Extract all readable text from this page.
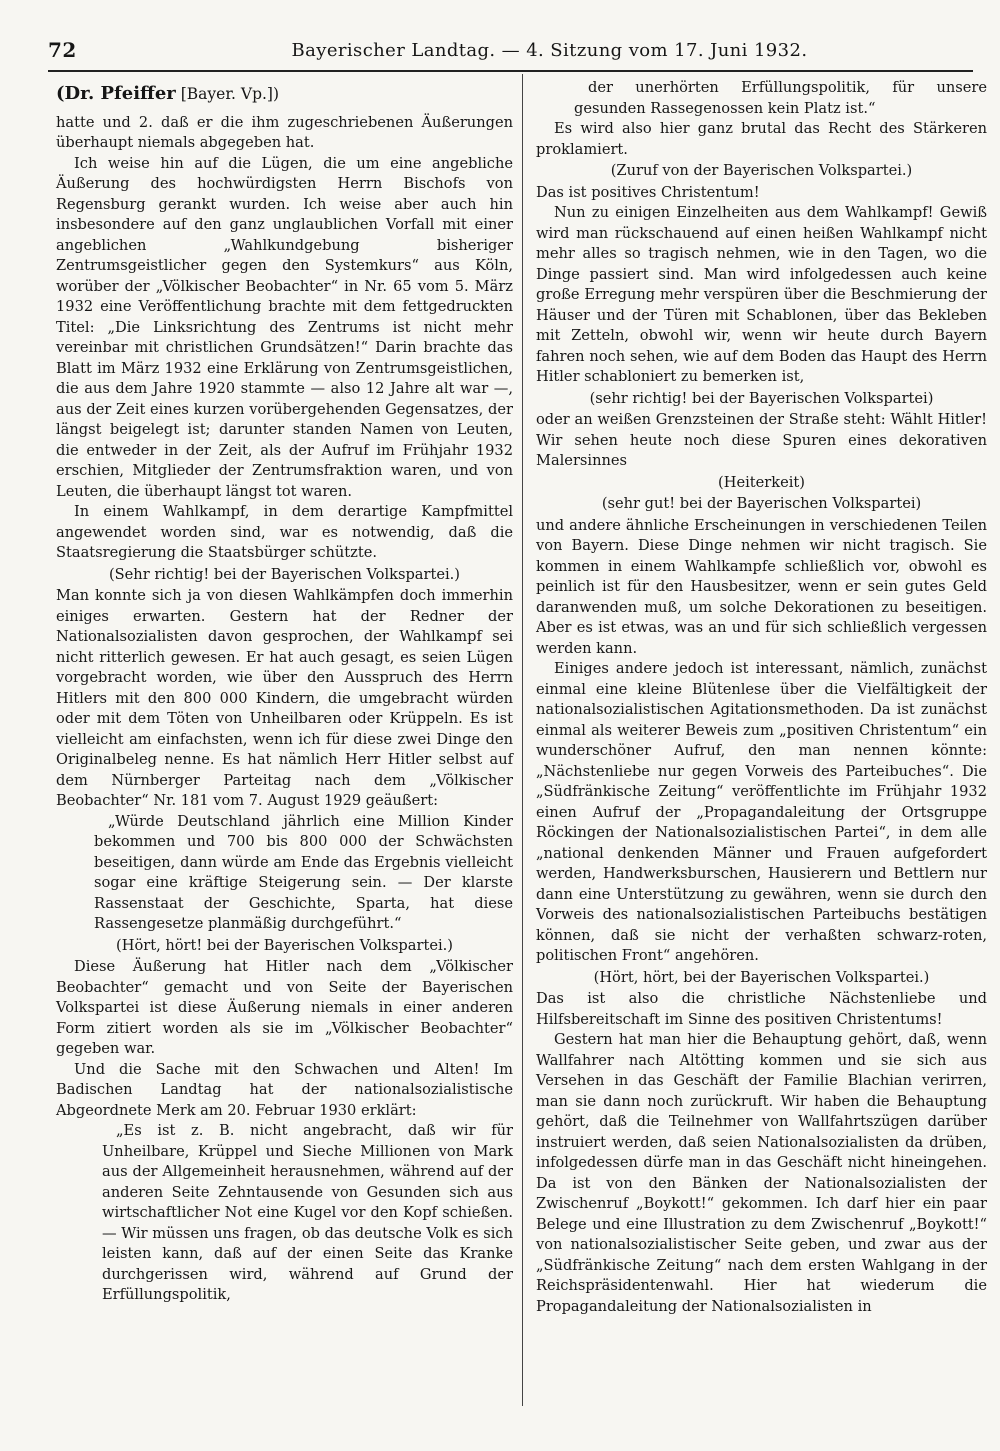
72	Bayerischer Landtag. — 4. Sitzung vom 17. Juni 1932.

(Dr. Pfeiffer [Bayer. Vp.])

hatte und 2. daß er die ihm zugeschriebenen Äußerungen überhaupt niemals abgegeben hat.

Ich weise hin auf die Lügen, die um eine angebliche Äußerung des hochwürdigsten Herrn Bischofs von Regensburg gerankt wurden. Ich weise aber auch hin insbesondere auf den ganz unglaublichen Vorfall mit einer angeblichen „Wahlkundgebung bisheriger Zentrumsgeistlicher gegen den Systemkurs“ aus Köln, worüber der „Völkischer Beobachter“ in Nr. 65 vom 5. März 1932 eine Veröffentlichung brachte mit dem fettgedruckten Titel: „Die Linksrichtung des Zentrums ist nicht mehr vereinbar mit christlichen Grundsätzen!“ Darin brachte das Blatt im März 1932 eine Erklärung von Zentrumsgeistlichen, die aus dem Jahre 1920 stammte — also 12 Jahre alt war —, aus der Zeit eines kurzen vorübergehenden Gegensatzes, der längst beigelegt ist; darunter standen Namen von Leuten, die entweder in der Zeit, als der Aufruf im Frühjahr 1932 erschien, Mitglieder der Zentrumsfraktion waren, und von Leuten, die überhaupt längst tot waren.

In einem Wahlkampf, in dem derartige Kampfmittel angewendet worden sind, war es notwendig, daß die Staatsregierung die Staatsbürger schützte.

(Sehr richtig! bei der Bayerischen Volkspartei.)

Man konnte sich ja von diesen Wahlkämpfen doch immerhin einiges erwarten. Gestern hat der Redner der Nationalsozialisten davon gesprochen, der Wahlkampf sei nicht ritterlich gewesen. Er hat auch gesagt, es seien Lügen vorgebracht worden, wie über den Ausspruch des Herrn Hitlers mit den 800 000 Kindern, die umgebracht würden oder mit dem Töten von Unheilbaren oder Krüppeln. Es ist vielleicht am einfachsten, wenn ich für diese zwei Dinge den Originalbeleg nenne. Es hat nämlich Herr Hitler selbst auf dem Nürnberger Parteitag nach dem „Völkischer Beobachter“ Nr. 181 vom 7. August 1929 geäußert:

„Würde Deutschland jährlich eine Million Kinder bekommen und 700 bis 800 000 der Schwächsten beseitigen, dann würde am Ende das Ergebnis vielleicht sogar eine kräftige Steigerung sein. — Der klarste Rassenstaat der Geschichte, Sparta, hat diese Rassengesetze planmäßig durchgeführt.“

(Hört, hört! bei der Bayerischen Volkspartei.)

Diese Äußerung hat Hitler nach dem „Völkischer Beobachter“ gemacht und von Seite der Bayerischen Volkspartei ist diese Äußerung niemals in einer anderen Form zitiert worden als sie im „Völkischer Beobachter“ gegeben war.

Und die Sache mit den Schwachen und Alten! Im Badischen Landtag hat der nationalsozialistische Abgeordnete Merk am 20. Februar 1930 erklärt:

„Es ist z. B. nicht angebracht, daß wir für Unheilbare, Krüppel und Sieche Millionen von Mark aus der Allgemeinheit herausnehmen, während auf der anderen Seite Zehntausende von Gesunden sich aus wirtschaftlicher Not eine Kugel vor den Kopf schießen. — Wir müssen uns fragen, ob das deutsche Volk es sich leisten kann, daß auf der einen Seite das Kranke durchgerissen wird, während auf Grund der Erfüllungspolitik,

der unerhörten Erfüllungspolitik, für unsere gesunden Rassegenossen kein Platz ist.“

Es wird also hier ganz brutal das Recht des Stärkeren proklamiert.

(Zuruf von der Bayerischen Volkspartei.)

Das ist positives Christentum!

Nun zu einigen Einzelheiten aus dem Wahlkampf! Gewiß wird man rückschauend auf einen heißen Wahlkampf nicht mehr alles so tragisch nehmen, wie in den Tagen, wo die Dinge passiert sind. Man wird infolgedessen auch keine große Erregung mehr verspüren über die Beschmierung der Häuser und der Türen mit Schablonen, über das Bekleben mit Zetteln, obwohl wir, wenn wir heute durch Bayern fahren noch sehen, wie auf dem Boden das Haupt des Herrn Hitler schabloniert zu bemerken ist,

(sehr richtig! bei der Bayerischen Volkspartei)

oder an weißen Grenzsteinen der Straße steht: Wählt Hitler! Wir sehen heute noch diese Spuren eines dekorativen Malersinnes

(Heiterkeit)

(sehr gut! bei der Bayerischen Volkspartei)

und andere ähnliche Erscheinungen in verschiedenen Teilen von Bayern. Diese Dinge nehmen wir nicht tragisch. Sie kommen in einem Wahlkampfe schließlich vor, obwohl es peinlich ist für den Hausbesitzer, wenn er sein gutes Geld daranwenden muß, um solche Dekorationen zu beseitigen. Aber es ist etwas, was an und für sich schließlich vergessen werden kann.

Einiges andere jedoch ist interessant, nämlich, zunächst einmal eine kleine Blütenlese über die Vielfältigkeit der nationalsozialistischen Agitationsmethoden. Da ist zunächst einmal als weiterer Beweis zum „positiven Christentum“ ein wunderschöner Aufruf, den man nennen könnte: „Nächstenliebe nur gegen Vorweis des Parteibuches“. Die „Südfränkische Zeitung“ veröffentlichte im Frühjahr 1932 einen Aufruf der „Propagandaleitung der Ortsgruppe Röckingen der Nationalsozialistischen Partei“, in dem alle „national denkenden Männer und Frauen aufgefordert werden, Handwerksburschen, Hausierern und Bettlern nur dann eine Unterstützung zu gewähren, wenn sie durch den Vorweis des nationalsozialistischen Parteibuchs bestätigen können, daß sie nicht der verhaßten schwarz-roten, politischen Front“ angehören.

(Hört, hört, bei der Bayerischen Volkspartei.)

Das ist also die christliche Nächstenliebe und Hilfsbereitschaft im Sinne des positiven Christentums!

Gestern hat man hier die Behauptung gehört, daß, wenn Wallfahrer nach Altötting kommen und sie sich aus Versehen in das Geschäft der Familie Blachian verirren, man sie dann noch zurückruft. Wir haben die Behauptung gehört, daß die Teilnehmer von Wallfahrtszügen darüber instruiert werden, daß seien Nationalsozialisten da drüben, infolgedessen dürfe man in das Geschäft nicht hineingehen. Da ist von den Bänken der Nationalsozialisten der Zwischenruf „Boykott!“ gekommen. Ich darf hier ein paar Belege und eine Illustration zu dem Zwischenruf „Boykott!“ von nationalsozialistischer Seite geben, und zwar aus der „Südfränkische Zeitung“ nach dem ersten Wahlgang in der Reichspräsidentenwahl. Hier hat wiederum die Propagandaleitung der Nationalsozialisten in
